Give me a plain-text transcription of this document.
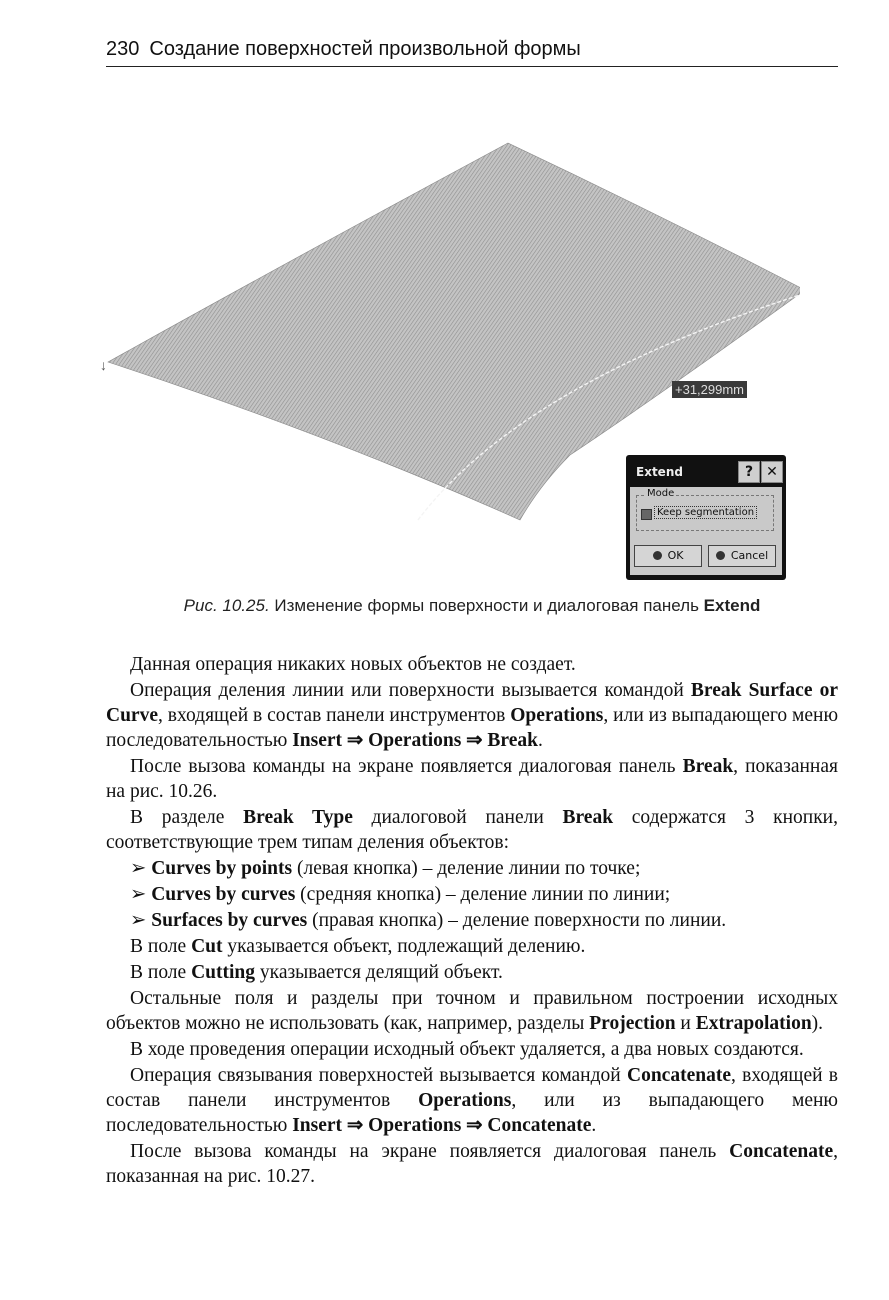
230 Создание поверхностей произвольной формы
↓
+31,299mm
Extend	? ✕
Mode
Keep segmentation
OK	Cancel
Рис. 10.25. Изменение формы поверхности и диалоговая панель Extend

Данная операция никаких новых объектов не создает.

Операция деления линии или поверхности вызывается командой Break Surface or Curve, входящей в состав панели инструментов Operations, или из выпадающего меню последовательностью Insert ⇒ Operations ⇒ Break.

После вызова команды на экране появляется диалоговая панель Break, показанная на рис. 10.26.

В разделе Break Type диалоговой панели Break содержатся 3 кнопки, соответствующие трем типам деления объектов:

➢ Curves by points (левая кнопка) – деление линии по точке;

➢ Curves by curves (средняя кнопка) – деление линии по линии;

➢ Surfaces by curves (правая кнопка) – деление поверхности по линии.

В поле Cut указывается объект, подлежащий делению.

В поле Cutting указывается делящий объект.

Остальные поля и разделы при точном и правильном построении исходных объектов можно не использовать (как, например, разделы Projection и Extrapolation).

В ходе проведения операции исходный объект удаляется, а два новых создаются.

Операция связывания поверхностей вызывается командой Concatenate, входящей в состав панели инструментов Operations, или из выпадающего меню последовательностью Insert ⇒ Operations ⇒ Concatenate.

После вызова команды на экране появляется диалоговая панель Concatenate, показанная на рис. 10.27.
